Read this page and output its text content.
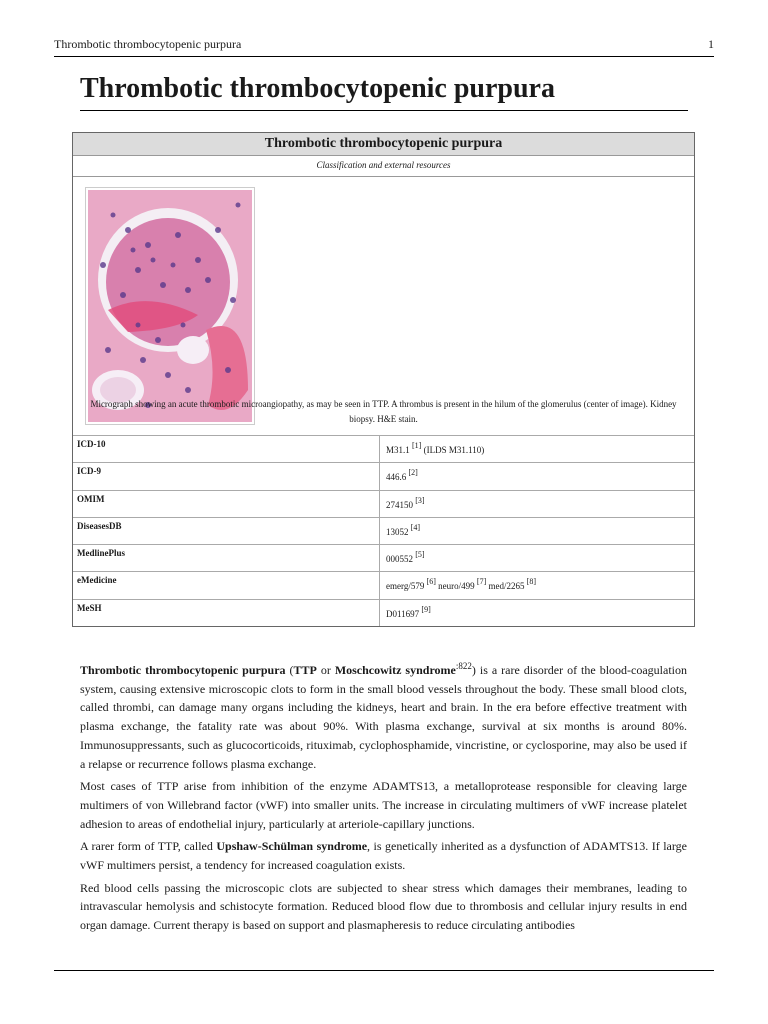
Thrombotic thrombocytopenic purpura	1
Thrombotic thrombocytopenic purpura
Thrombotic thrombocytopenic purpura
Classification and external resources
Micrograph showing an acute thrombotic microangiopathy, as may be seen in TTP. A thrombus is present in the hilum of the glomerulus (center of image). Kidney biopsy. H&E stain.
ICD-10
M31.1 [1] (ILDS M31.110)
ICD-9
446.6 [2]
OMIM
274150 [3]
DiseasesDB
13052 [4]
MedlinePlus
000552 [5]
eMedicine
emerg/579 [6] neuro/499 [7] med/2265 [8]
MeSH
D011697 [9]

Thrombotic thrombocytopenic purpura (TTP or Moschcowitz syndrome$^{:822}$) is a rare disorder of the blood-coagulation system, causing extensive microscopic clots to form in the small blood vessels throughout the body. These small blood clots, called thrombi, can damage many organs including the kidneys, heart and brain. In the era before effective treatment with plasma exchange, the fatality rate was about 90%. With plasma exchange, survival at six months is around 80%. Immunosuppressants, such as glucocorticoids, rituximab, cyclophosphamide, vincristine, or cyclosporine, may also be used if a relapse or recurrence follows plasma exchange.

Most cases of TTP arise from inhibition of the enzyme ADAMTS13, a metalloprotease responsible for cleaving large multimers of von Willebrand factor (vWF) into smaller units. The increase in circulating multimers of vWF increase platelet adhesion to areas of endothelial injury, particularly at arteriole-capillary junctions.

A rarer form of TTP, called Upshaw-Schülman syndrome, is genetically inherited as a dysfunction of ADAMTS13. If large vWF multimers persist, a tendency for increased coagulation exists.

Red blood cells passing the microscopic clots are subjected to shear stress which damages their membranes, leading to intravascular hemolysis and schistocyte formation. Reduced blood flow due to thrombosis and cellular injury results in end organ damage. Current therapy is based on support and plasmapheresis to reduce circulating antibodies
